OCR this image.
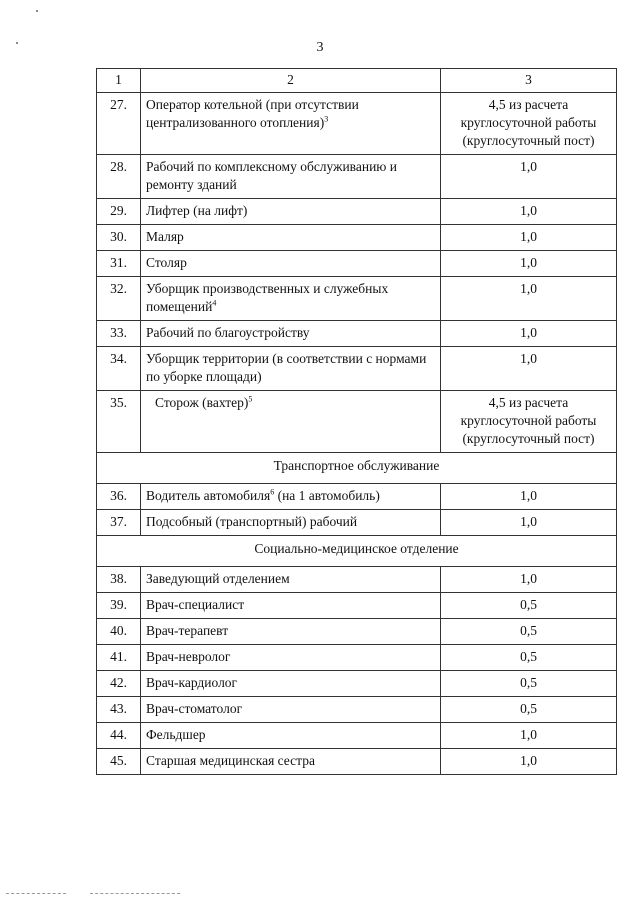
3
1	2	3
27.	Оператор котельной (при отсутствии централизованного отопления)$^3$	4,5 из расчета круглосуточной работы (круглосуточный пост)
28.	Рабочий по комплексному обслуживанию и ремонту зданий	1,0
29.	Лифтер (на лифт)	1,0
30.	Маляр	1,0
31.	Столяр	1,0
32.	Уборщик производственных и служебных помещений$^4$	1,0
33.	Рабочий по благоустройству	1,0
34.	Уборщик территории (в соответствии с нормами по уборке площади)	1,0
35.	Сторож (вахтер)$^5$	4,5 из расчета круглосуточной работы (круглосуточный пост)
Транспортное обслуживание		
36.	Водитель автомобиля$^6$ (на 1 автомобиль)	1,0
37.	Подсобный (транспортный) рабочий	1,0
Социально-медицинское отделение		
38.	Заведующий отделением	1,0
39.	Врач-специалист	0,5
40.	Врач-терапевт	0,5
41.	Врач-невролог	0,5
42.	Врач-кардиолог	0,5
43.	Врач-стоматолог	0,5
44.	Фельдшер	1,0
45.	Старшая медицинская сестра	1,0
